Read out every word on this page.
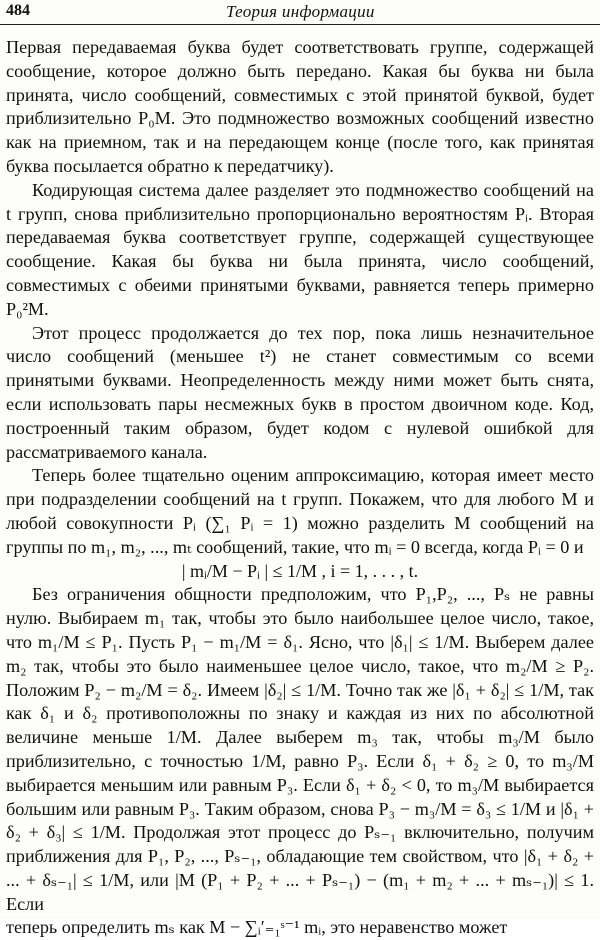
484	Теория информации

Первая передаваемая буква будет соответствовать группе, содержащей сообщение, которое должно быть передано. Какая бы буква ни была принята, число сообщений, совместимых с этой принятой буквой, будет приблизительно P₀M. Это подмножество возможных сообщений известно как на приемном, так и на передающем конце (после того, как принятая буква посылается обратно к передатчику).

Кодирующая система далее разделяет это подмножество сообщений на t групп, снова приблизительно пропорционально вероятностям Pᵢ. Вторая передаваемая буква соответствует группе, содержащей существующее сообщение. Какая бы буква ни была принята, число сообщений, совместимых с обеими принятыми буквами, равняется теперь примерно P₀²M.

Этот процесс продолжается до тех пор, пока лишь незначительное число сообщений (меньшее t²) не станет совместимым со всеми принятыми буквами. Неопределенность между ними может быть снята, если использовать пары несмежных букв в простом двоичном коде. Код, построенный таким образом, будет кодом с нулевой ошибкой для рассматриваемого канала.

Теперь более тщательно оценим аппроксимацию, которая имеет место при подразделении сообщений на t групп. Покажем, что для любого M и любой совокупности Pᵢ (∑₁ Pᵢ = 1) можно разделить M сообщений на группы по m₁, m₂, ..., mₜ сообщений, такие, что mᵢ = 0 всегда, когда Pᵢ = 0 и

| mᵢ/M − Pᵢ | ≤ 1/M , i = 1, . . . , t.

Без ограничения общности предположим, что P₁,P₂, ..., Pₛ не равны нулю. Выбираем m₁ так, чтобы это было наибольшее целое число, такое, что m₁/M ≤ P₁. Пусть P₁ − m₁/M = δ₁. Ясно, что |δ₁| ≤ 1/M. Выберем далее m₂ так, чтобы это было наименьшее целое число, такое, что m₂/M ≥ P₂. Положим P₂ − m₂/M = δ₂. Имеем |δ₂| ≤ 1/M. Точно так же |δ₁ + δ₂| ≤ 1/M, так как δ₁ и δ₂ противоположны по знаку и каждая из них по абсолютной величине меньше 1/M. Далее выберем m₃ так, чтобы m₃/M было приблизительно, с точностью 1/M, равно P₃. Если δ₁ + δ₂ ≥ 0, то m₃/M выбирается меньшим или равным P₃. Если δ₁ + δ₂ < 0, то m₃/M выбирается большим или равным P₃. Таким образом, снова P₃ − m₃/M = δ₃ ≤ 1/M и |δ₁ + δ₂ + δ₃| ≤ 1/M. Продолжая этот процесс до Pₛ₋₁ включительно, получим приближения для P₁, P₂, ..., Pₛ₋₁, обладающие тем свойством, что |δ₁ + δ₂ + ... + δₛ₋₁| ≤ 1/M, или |M (P₁ + P₂ + ... + Pₛ₋₁) − (m₁ + m₂ + ... + mₛ₋₁)| ≤ 1. Если

теперь определить mₛ как M − ∑ᵢ′₌₁ˢ⁻¹ mᵢ, это неравенство может
